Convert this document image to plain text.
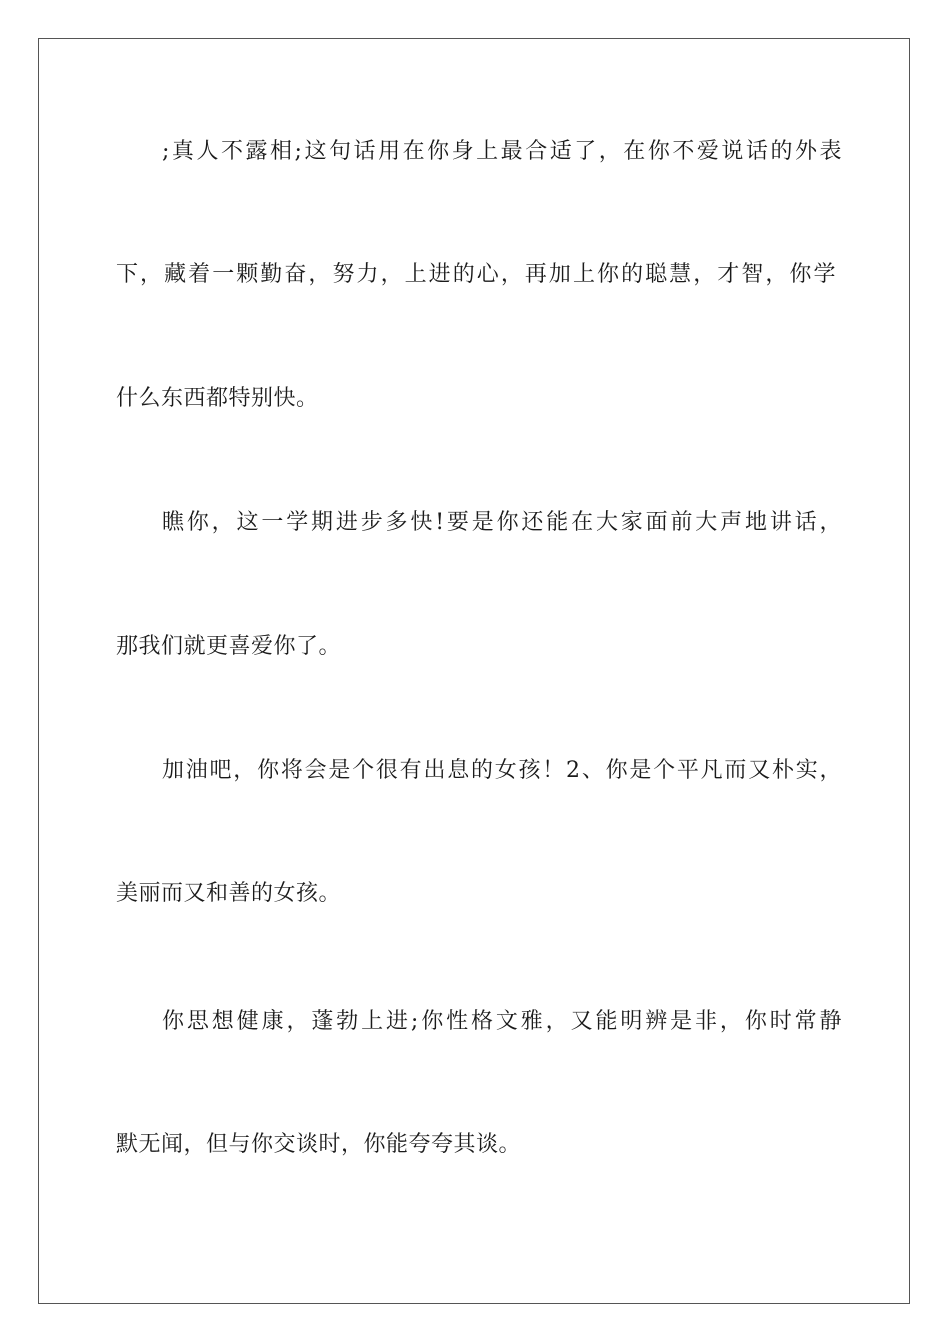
;真人不露相;这句话用在你身上最合适了，在你不爱说话的外表
下，藏着一颗勤奋，努力，上进的心，再加上你的聪慧，才智，你学
什么东西都特别快。
瞧你，这一学期进步多快!要是你还能在大家面前大声地讲话，
那我们就更喜爱你了。
加油吧，你将会是个很有出息的女孩！2、你是个平凡而又朴实，
美丽而又和善的女孩。
你思想健康，蓬勃上进;你性格文雅，又能明辨是非，你时常静
默无闻，但与你交谈时，你能夸夸其谈。
